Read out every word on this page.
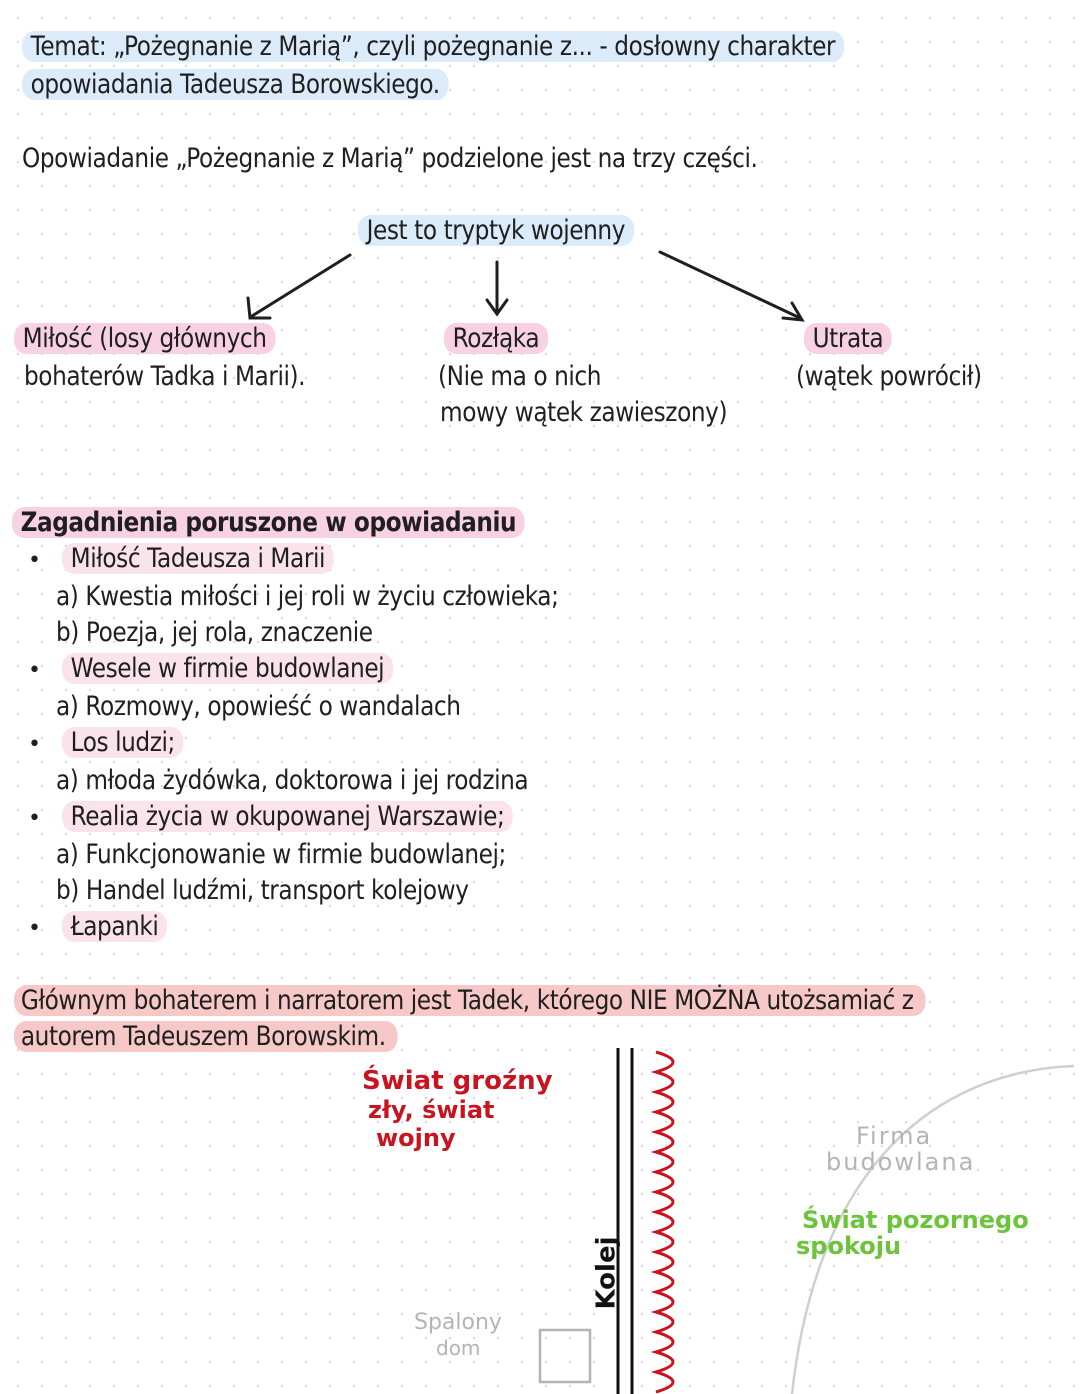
Temat: „Pożegnanie z Marią”, czyli pożegnanie z... - dosłowny charakter
opowiadania Tadeusza Borowskiego.
Opowiadanie „Pożegnanie z Marią” podzielone jest na trzy części.
Jest to tryptyk wojenny
Miłość (losy głównych
bohaterów Tadka i Marii).
Rozłąka
(Nie ma o nich
mowy wątek zawieszony)
Utrata
(wątek powrócił)
Zagadnienia poruszone w opowiadaniu
•	Miłość Tadeusza i Marii
a) Kwestia miłości i jej roli w życiu człowieka;
b) Poezja, jej rola, znaczenie
•	Wesele w firmie budowlanej
a) Rozmowy, opowieść o wandalach
•	Los ludzi;
a) młoda żydówka, doktorowa i jej rodzina
•	Realia życia w okupowanej Warszawie;
a) Funkcjonowanie w firmie budowlanej;
b) Handel ludźmi, transport kolejowy
•	Łapanki
Głównym bohaterem i narratorem jest Tadek, którego NIE MOŻNA utożsamiać z
autorem Tadeuszem Borowskim.
Świat groźny
zły, świat
wojny
Kolej
Spalony
dom
Firma
budowlana
Świat pozornego
spokoju
